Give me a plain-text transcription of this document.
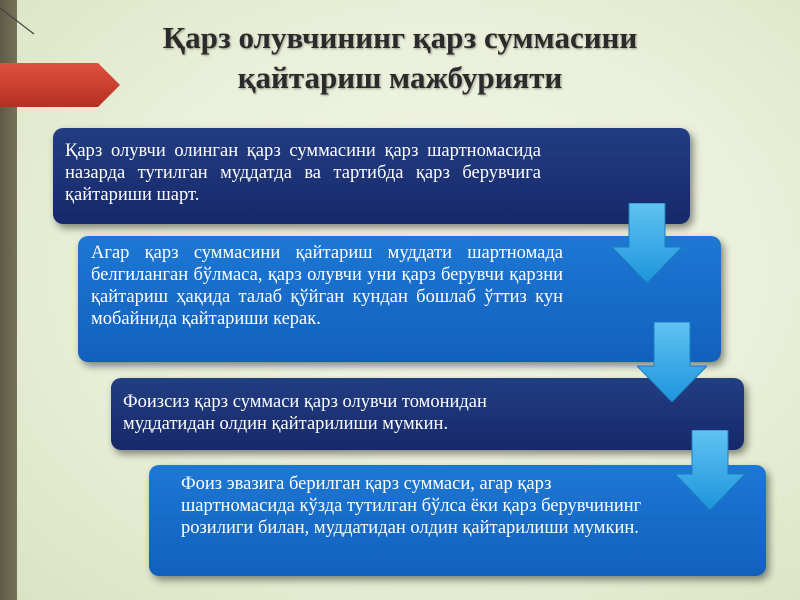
Қарз олувчининг қарз суммасини
қайтариш мажбурияти
Қарз олувчи олинган қарз суммасини қарз шартномасида назарда тутилган муддатда ва тартибда қарз берувчига қайтариши шарт.
Агар қарз суммасини қайтариш муддати шартномада белгиланган бўлмаса, қарз олувчи уни қарз берувчи қарзни қайтариш ҳақида талаб қўйган кундан бошлаб ўттиз кун мобайнида қайтариши керак.
Фоизсиз қарз суммаси қарз олувчи томонидан муддатидан олдин қайтарилиши мумкин.
Фоиз эвазига берилган қарз суммаси, агар қарз шартномасида кўзда тутилган бўлса ёки қарз берувчининг розилиги билан, муддатидан олдин қайтарилиши мумкин.
